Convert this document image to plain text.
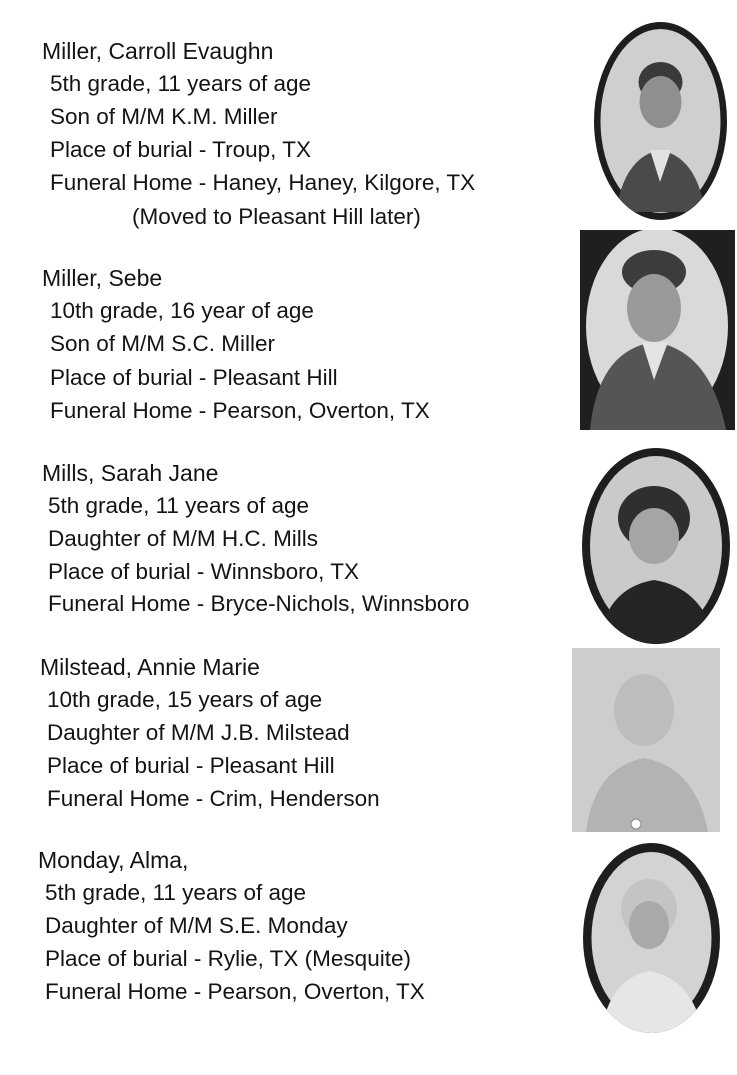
Miller, Carroll Evaughn
5th grade, 11 years of age
Son of M/M K.M. Miller
Place of burial - Troup, TX
Funeral Home - Haney, Haney, Kilgore, TX
(Moved to Pleasant Hill later)
Miller, Sebe
10th grade, 16 year of age
Son of M/M S.C. Miller
Place of burial - Pleasant Hill
Funeral Home - Pearson, Overton, TX
Mills, Sarah Jane
5th grade, 11 years of age
Daughter of M/M H.C. Mills
Place of burial - Winnsboro, TX
Funeral Home - Bryce-Nichols, Winnsboro
Milstead, Annie Marie
10th grade, 15 years of age
Daughter of M/M J.B. Milstead
Place of burial - Pleasant Hill
Funeral Home - Crim, Henderson
Monday, Alma,
5th grade, 11 years of age
Daughter of M/M S.E. Monday
Place of burial - Rylie, TX (Mesquite)
Funeral Home - Pearson, Overton, TX
